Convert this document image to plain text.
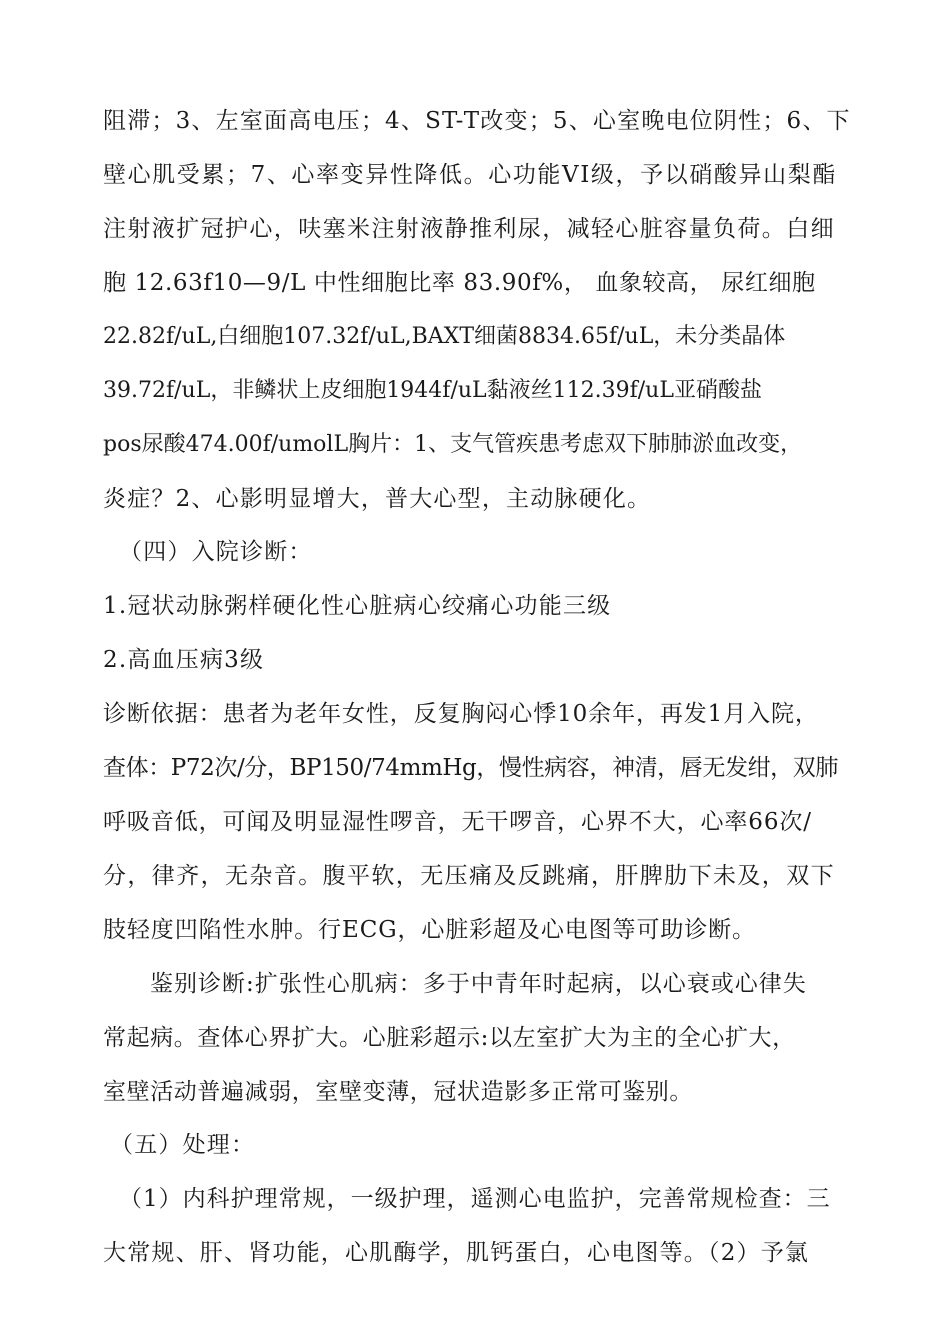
阻滞；3、左室面高电压；4、ST-T改变；5、心室晚电位阴性；6、下
壁心肌受累；7、心率变异性降低。心功能VI级，予以硝酸异山梨酯
注射液扩冠护心，呋塞米注射液静推利尿，减轻心脏容量负荷。白细
胞 12.63f10—9/L 中性细胞比率 83.90f%， 血象较高， 尿红细胞
22.82f/uL,白细胞107.32f/uL,BAXT细菌8834.65f/uL，未分类晶体
39.72f/uL，非鳞状上皮细胞1944f/uL黏液丝112.39f/uL亚硝酸盐
pos尿酸474.00f/umolL胸片：1、支气管疾患考虑双下肺肺淤血改变，
炎症？2、心影明显增大，普大心型，主动脉硬化。
（四）入院诊断：
1.冠状动脉粥样硬化性心脏病心绞痛心功能三级
2.高血压病3级
诊断依据：患者为老年女性，反复胸闷心悸10余年，再发1月入院，
查体：P72次/分，BP150/74mmHg，慢性病容，神清，唇无发绀，双肺
呼吸音低，可闻及明显湿性啰音，无干啰音，心界不大，心率66次/
分，律齐，无杂音。腹平软，无压痛及反跳痛，肝脾肋下未及，双下
肢轻度凹陷性水肿。行ECG，心脏彩超及心电图等可助诊断。
鉴别诊断:扩张性心肌病：多于中青年时起病，以心衰或心律失
常起病。查体心界扩大。心脏彩超示:以左室扩大为主的全心扩大，
室壁活动普遍减弱，室壁变薄，冠状造影多正常可鉴别。
（五）处理：
（1）内科护理常规，一级护理，遥测心电监护，完善常规检查：三
大常规、肝、肾功能，心肌酶学，肌钙蛋白，心电图等。（2）予氯
